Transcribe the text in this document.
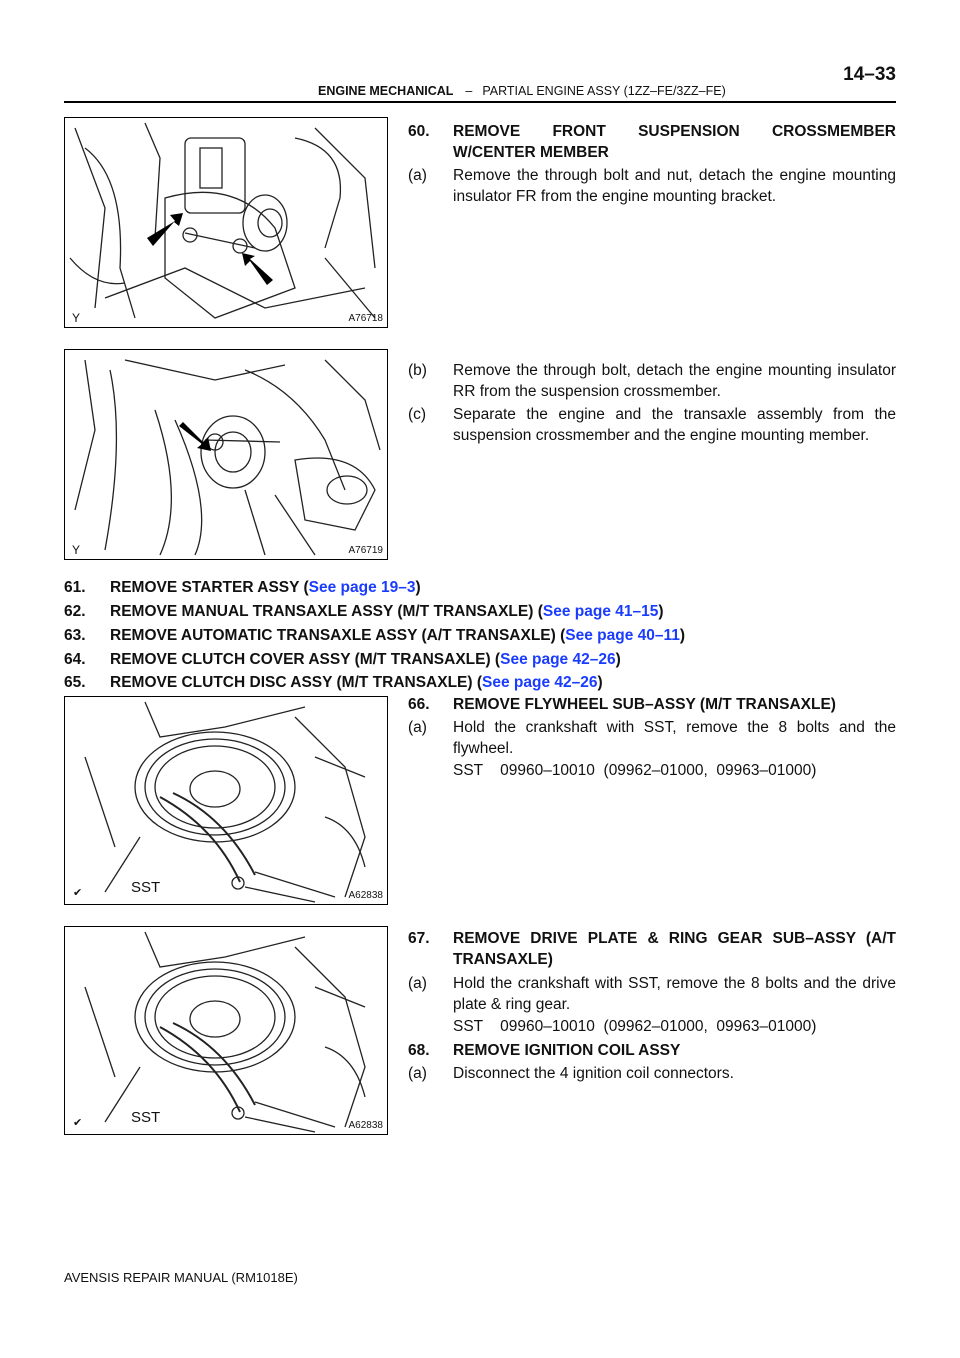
14–33
ENGINE MECHANICAL – PARTIAL ENGINE ASSY (1ZZ–FE/3ZZ–FE)
Y	A76718
Y	A76719
60. REMOVE FRONT SUSPENSION CROSSMEMBER W/CENTER MEMBER
(a) Remove the through bolt and nut, detach the engine mounting insulator FR from the engine mounting bracket.
(b) Remove the through bolt, detach the engine mounting insulator RR from the suspension crossmember.
(c) Separate the engine and the transaxle assembly from the suspension crossmember and the engine mounting member.
61. REMOVE STARTER ASSY (See page 19–3)
62. REMOVE MANUAL TRANSAXLE ASSY (M/T TRANSAXLE) (See page 41–15)
63. REMOVE AUTOMATIC TRANSAXLE ASSY (A/T TRANSAXLE) (See page 40–11)
64. REMOVE CLUTCH COVER ASSY (M/T TRANSAXLE) (See page 42–26)
65. REMOVE CLUTCH DISC ASSY (M/T TRANSAXLE) (See page 42–26)
✔	SST	A62838
66. REMOVE FLYWHEEL SUB–ASSY (M/T TRANSAXLE)
(a) Hold the crankshaft with SST, remove the 8 bolts and the flywheel.
SST    09960–10010  (09962–01000,  09963–01000)
✔	SST	A62838
67. REMOVE DRIVE PLATE & RING GEAR SUB–ASSY (A/T TRANSAXLE)
(a) Hold the crankshaft with SST, remove the 8 bolts and the drive plate & ring gear.
SST    09960–10010  (09962–01000,  09963–01000)
68. REMOVE IGNITION COIL ASSY
(a) Disconnect the 4 ignition coil connectors.
AVENSIS REPAIR MANUAL (RM1018E)
